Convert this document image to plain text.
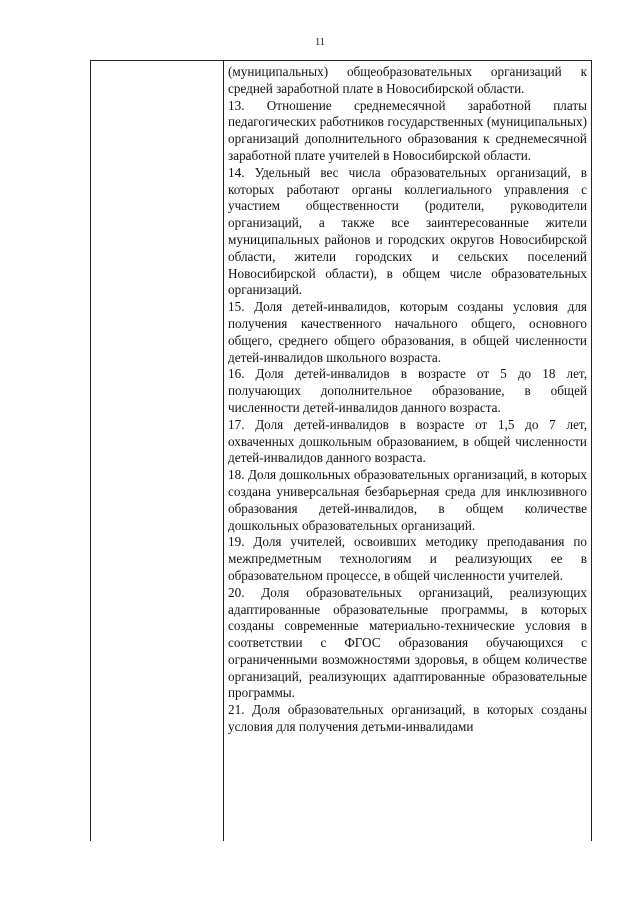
11

(муниципальных) общеобразовательных организаций к средней заработной плате в Новосибирской области.

13. Отношение среднемесячной заработной платы педагогических работников государственных (муниципальных) организаций дополнительного образования к среднемесячной заработной плате учителей в Новосибирской области.

14. Удельный вес числа образовательных организаций, в которых работают органы коллегиального управления с участием общественности (родители, руководители организаций, а также все заинтересованные жители муниципальных районов и городских округов Новосибирской области, жители городских и сельских поселений Новосибирской области), в общем числе образовательных организаций.

15. Доля детей-инвалидов, которым созданы условия для получения качественного начального общего, основного общего, среднего общего образования, в общей численности детей-инвалидов школьного возраста.

16. Доля детей-инвалидов в возрасте от 5 до 18 лет, получающих дополнительное образование, в общей численности детей-инвалидов данного возраста.

17. Доля детей-инвалидов в возрасте от 1,5 до 7 лет, охваченных дошкольным образованием, в общей численности детей-инвалидов данного возраста.

18. Доля дошкольных образовательных организаций, в которых создана универсальная безбарьерная среда для инклюзивного образования детей-инвалидов, в общем количестве дошкольных образовательных организаций.

19. Доля учителей, освоивших методику преподавания по межпредметным технологиям и реализующих ее в образовательном процессе, в общей численности учителей.

20. Доля образовательных организаций, реализующих адаптированные образовательные программы, в которых созданы современные материально-технические условия в соответствии с ФГОС образования обучающихся с ограниченными возможностями здоровья, в общем количестве организаций, реализующих адаптированные образовательные программы.

21. Доля образовательных организаций, в которых созданы условия для получения детьми-инвалидами
